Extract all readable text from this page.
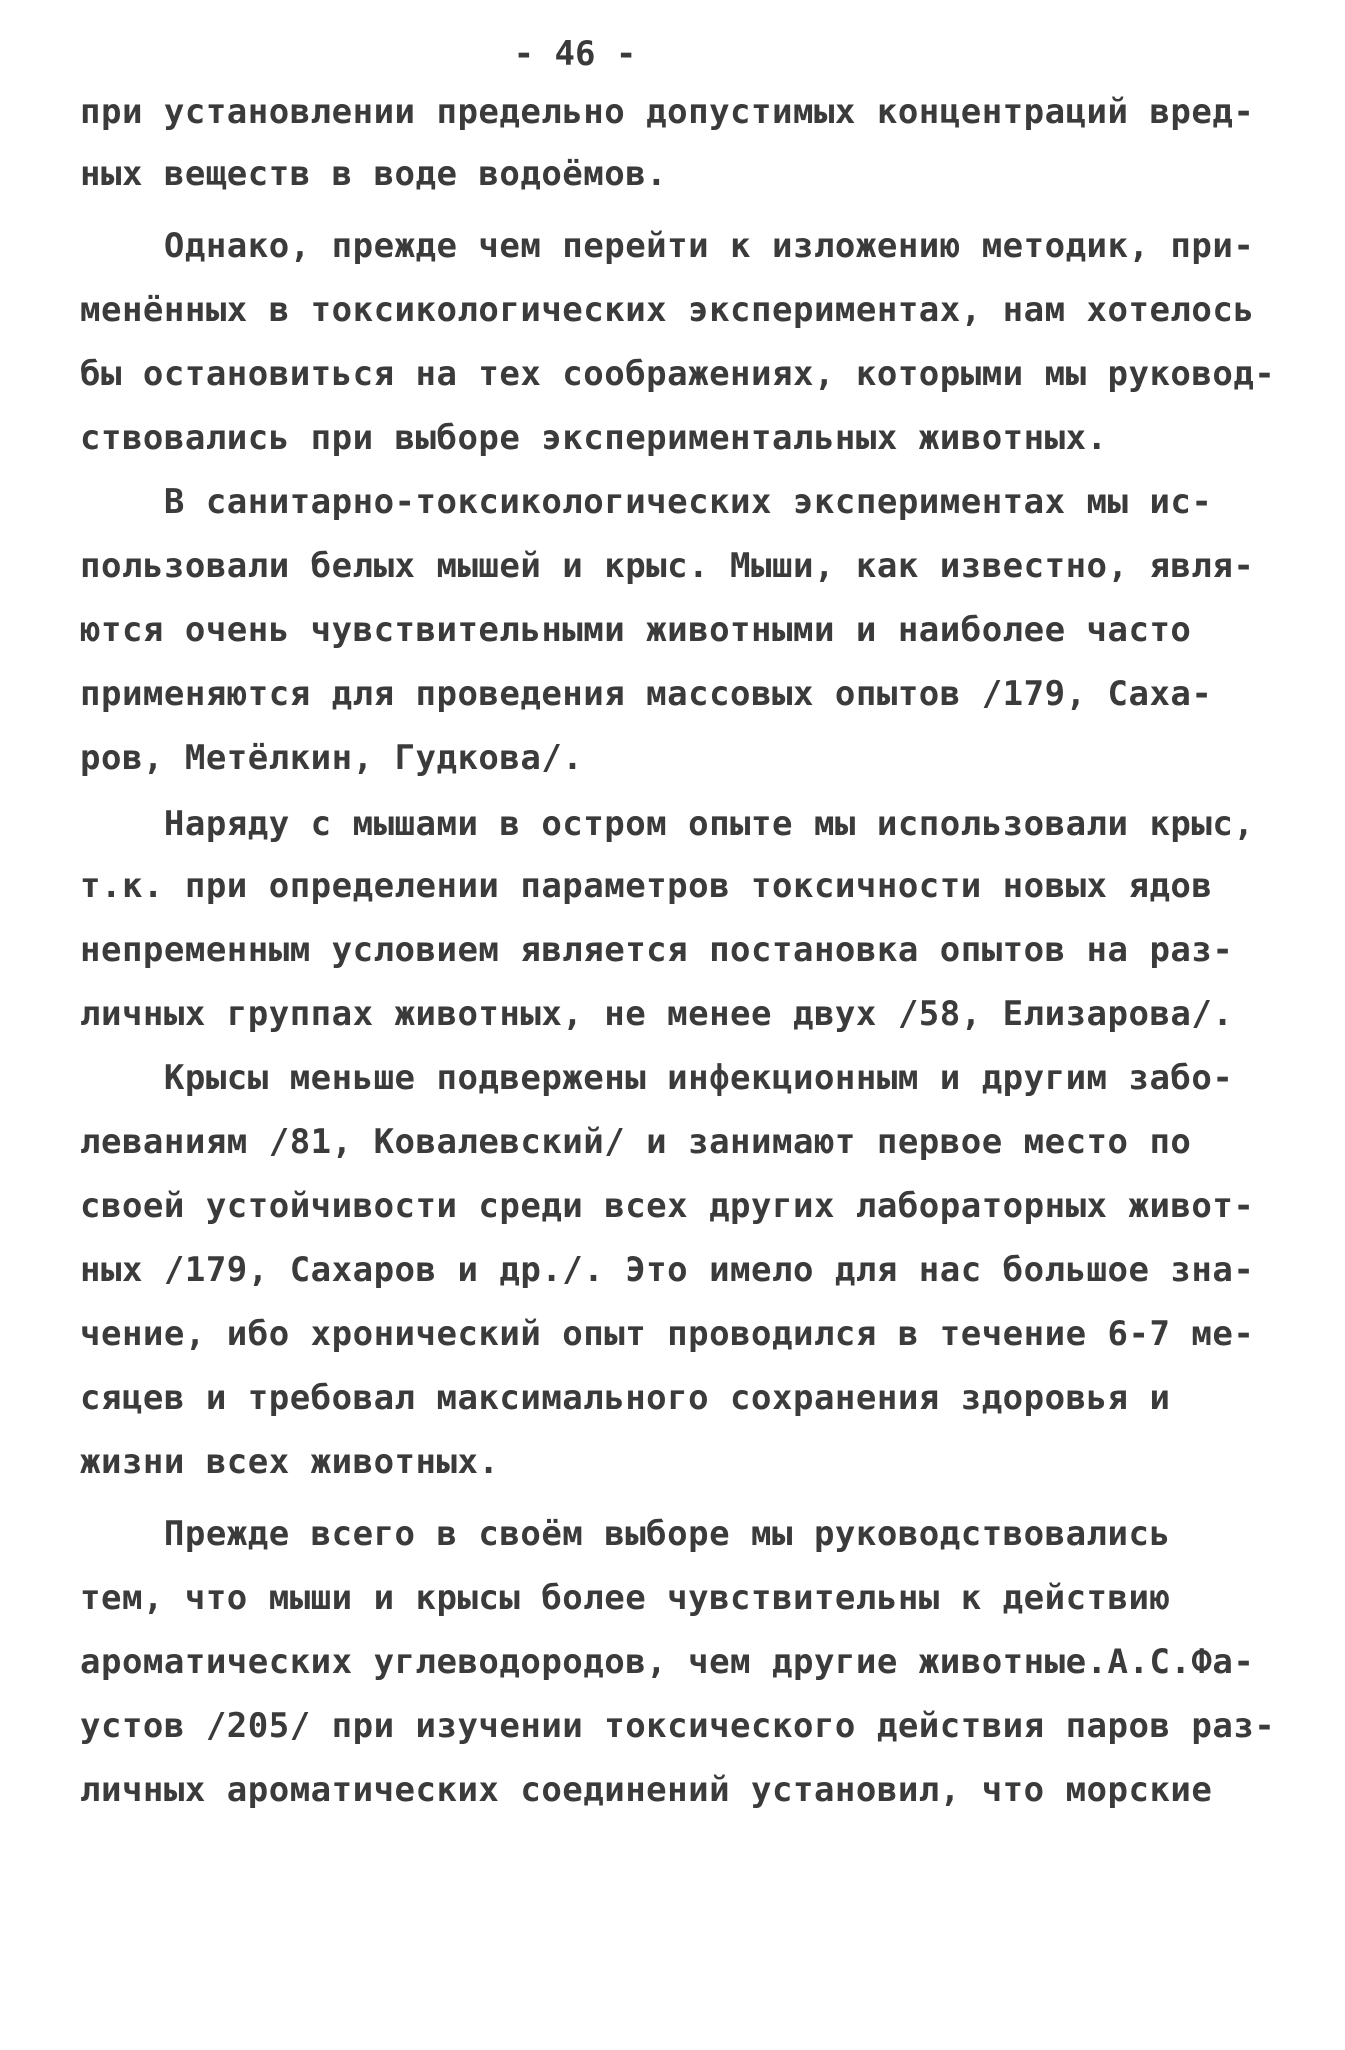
- 46 -
при установлении предельно допустимых концентраций вред-
ных веществ в воде водоёмов.
Однако, прежде чем перейти к изложению методик, при-
менённых в токсикологических экспериментах, нам хотелось
бы остановиться на тех соображениях, которыми мы руковод-
ствовались при выборе экспериментальных животных.
В санитарно-токсикологических экспериментах мы ис-
пользовали белых мышей и крыс. Мыши, как известно, явля-
ются очень чувствительными животными и наиболее часто
применяются для проведения массовых опытов /179, Саха-
ров, Метёлкин, Гудкова/.
Наряду с мышами в остром опыте мы использовали крыс,
т.к. при определении параметров токсичности новых ядов
непременным условием является постановка опытов на раз-
личных группах животных, не менее двух /58, Елизарова/.
Крысы меньше подвержены инфекционным и другим забо-
леваниям /81, Ковалевский/ и занимают первое место по
своей устойчивости среди всех других лабораторных живот-
ных /179, Сахаров и др./. Это имело для нас большое зна-
чение, ибо хронический опыт проводился в течение 6-7 ме-
сяцев и требовал максимального сохранения здоровья и
жизни всех животных.
Прежде всего в своём выборе мы руководствовались
тем, что мыши и крысы более чувствительны к действию
ароматических углеводородов, чем другие животные.А.С.Фа-
устов /205/ при изучении токсического действия паров раз-
личных ароматических соединений установил, что морские
